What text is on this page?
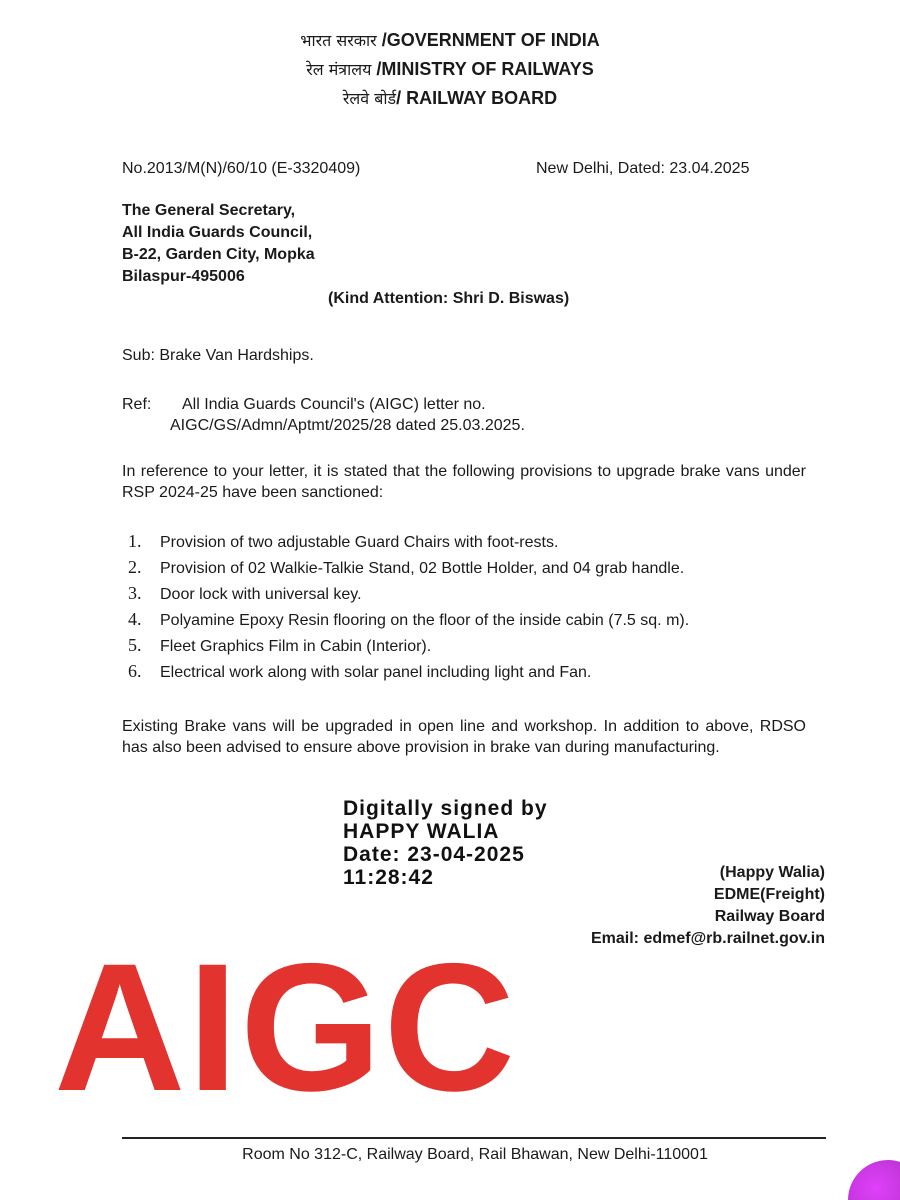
भारत सरकार /GOVERNMENT OF INDIA
रेल मंत्रालय /MINISTRY OF RAILWAYS
रेलवे बोर्ड/ RAILWAY BOARD
No.2013/M(N)/60/10 (E-3320409)	New Delhi, Dated: 23.04.2025
The General Secretary,
All India Guards Council,
B-22, Garden City, Mopka
Bilaspur-495006
(Kind Attention: Shri D. Biswas)
Sub: Brake Van Hardships.
Ref: All India Guards Council's (AIGC) letter no.
AIGC/GS/Admn/Aptmt/2025/28 dated 25.03.2025.
In reference to your letter, it is stated that the following provisions to upgrade brake vans under RSP 2024-25 have been sanctioned:
1. Provision of two adjustable Guard Chairs with foot-rests.
2. Provision of 02 Walkie-Talkie Stand, 02 Bottle Holder, and 04 grab handle.
3. Door lock with universal key.
4. Polyamine Epoxy Resin flooring on the floor of the inside cabin (7.5 sq. m).
5. Fleet Graphics Film in Cabin (Interior).
6. Electrical work along with solar panel including light and Fan.
Existing Brake vans will be upgraded in open line and workshop. In addition to above, RDSO has also been advised to ensure above provision in brake van during manufacturing.
Digitally signed by
HAPPY WALIA
Date: 23-04-2025
11:28:42	(Happy Walia)
EDME(Freight)
Railway Board
Email: edmef@rb.railnet.gov.in
AIGC
Room No 312-C, Railway Board, Rail Bhawan, New Delhi-110001
